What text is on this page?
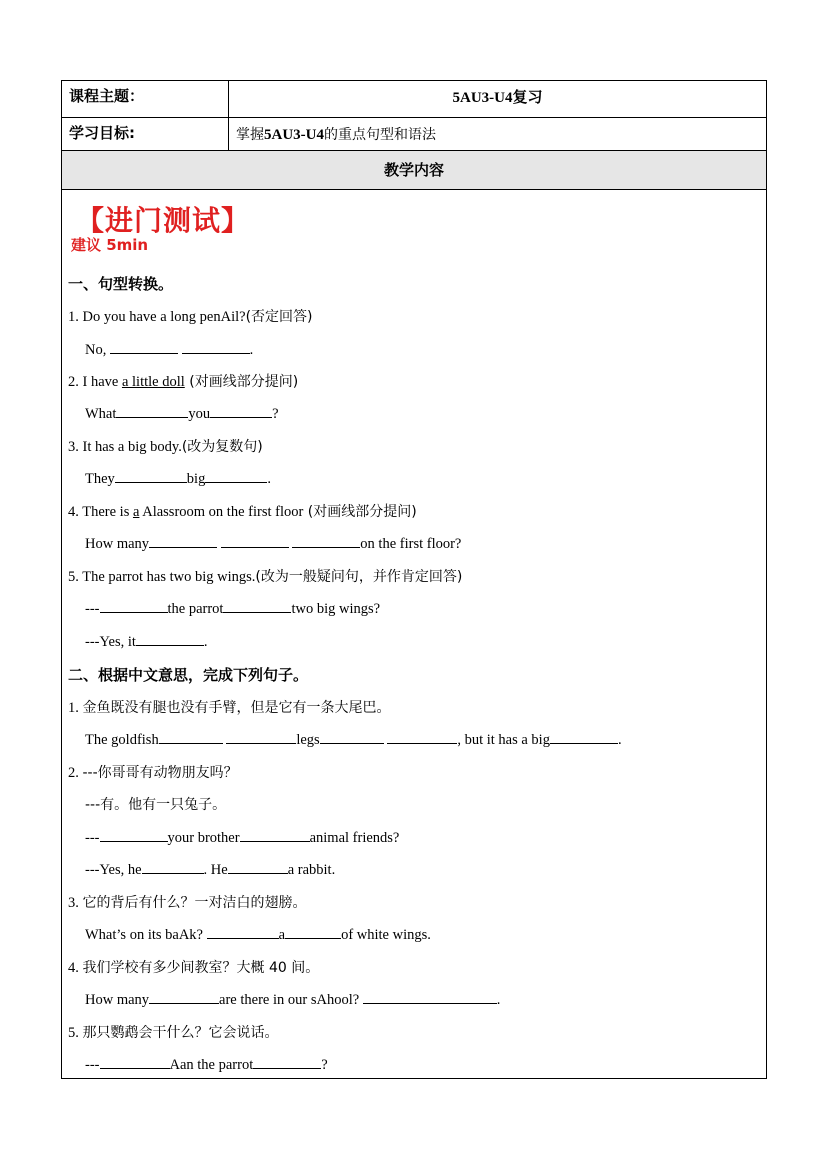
课程主题：	5AU3-U4复习
学习目标:	掌握5AU3-U4的重点句型和语法
教学内容
【进门测试】
建议 5min
一、句型转换。
1. Do you have a long penAil?(否定回答)
No,	.
2. I have a little doll (对画线部分提问)
What	you	?
3. It has a big body.(改为复数句)
They	big	.
4. There is a Alassroom on the first floor (对画线部分提问)
How many	on the first floor?
5. The parrot has two big wings.(改为一般疑问句，并作肯定回答)
---	the parrot	two big wings?
---Yes, it	.
二、根据中文意思，完成下列句子。
1. 金鱼既没有腿也没有手臂，但是它有一条大尾巴。
The goldfish	legs	, but it has a big	.
2. ---你哥哥有动物朋友吗？
---有。他有一只兔子。
---	your brother	animal friends?
---Yes, he	. He	a rabbit.
3. 它的背后有什么？一对洁白的翅膀。
What’s on its baAk?	a	of white wings.
4. 我们学校有多少间教室？大概 40 间。
How many	are there in our sAhool?	.
5. 那只鹦鹉会干什么？它会说话。
---	Aan the parrot	?
